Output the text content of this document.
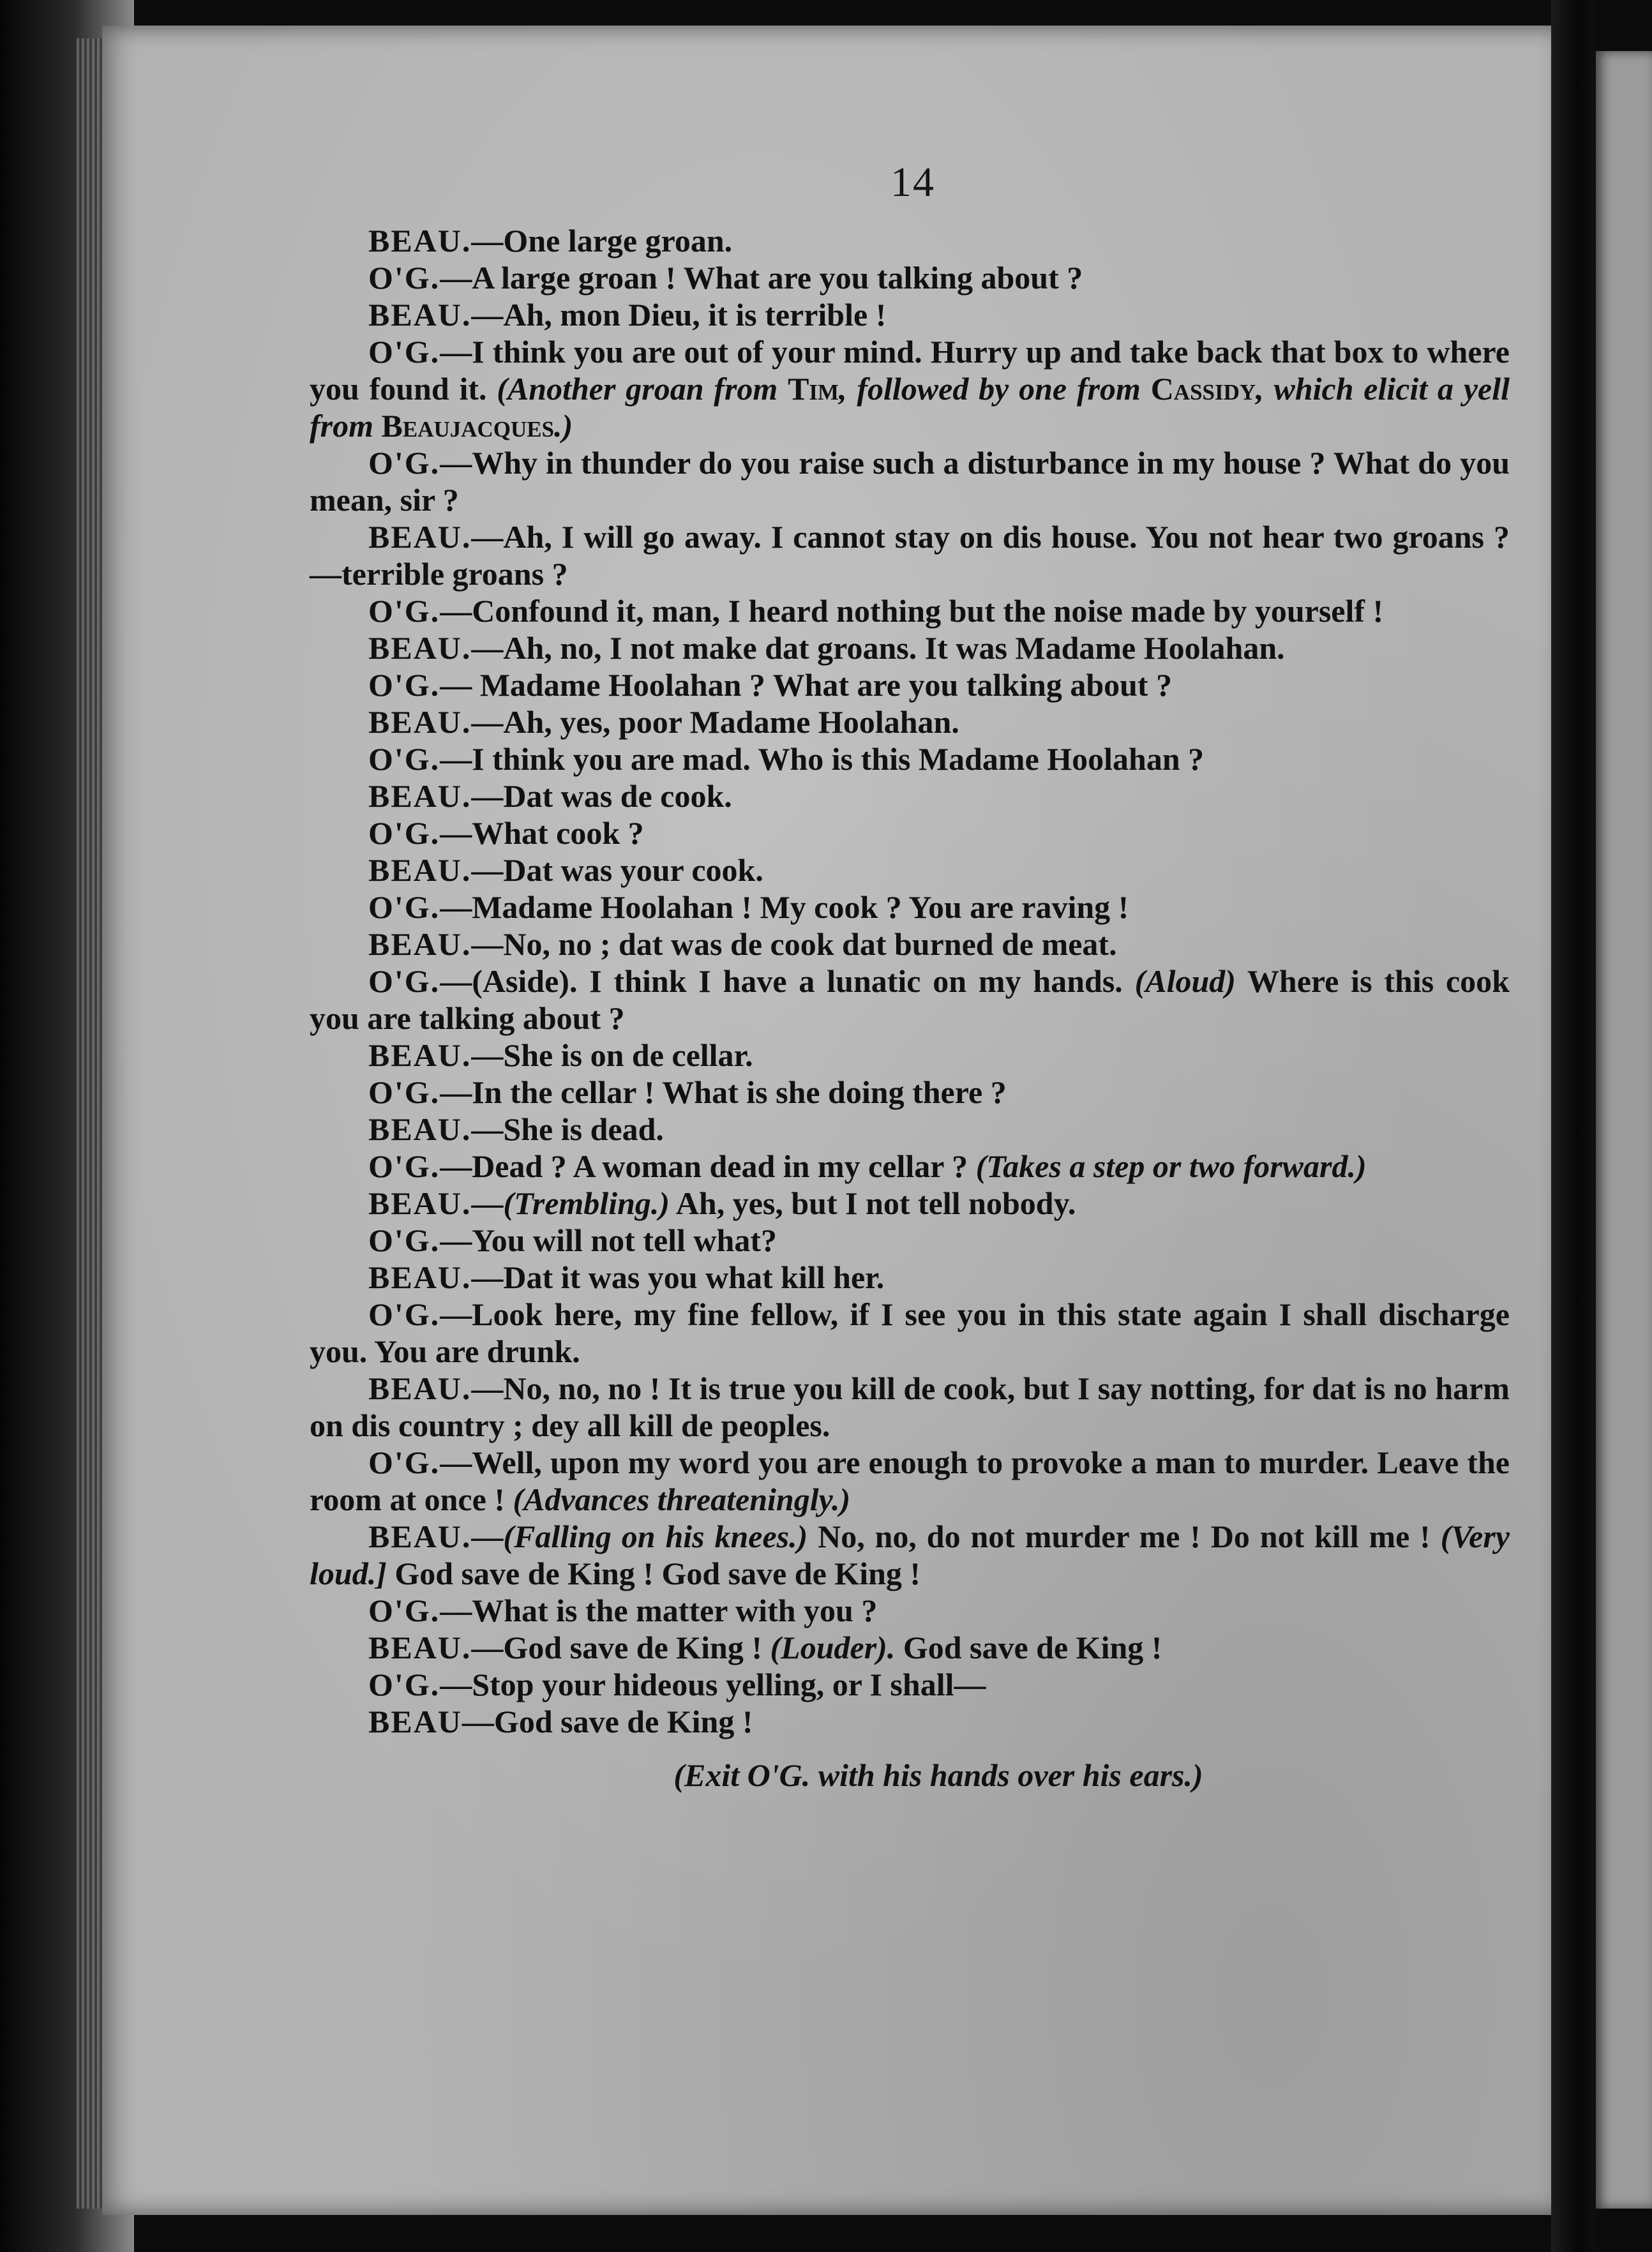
14

BEAU.—One large groan.

O'G.—A large groan ! What are you talking about ?

BEAU.—Ah, mon Dieu, it is terrible !

O'G.—I think you are out of your mind. Hurry up and take back that box to where you found it. (Another groan from Tim, followed by one from Cassidy, which elicit a yell from Beaujacques.)

O'G.—Why in thunder do you raise such a disturbance in my house ? What do you mean, sir ?

BEAU.—Ah, I will go away. I cannot stay on dis house. You not hear two groans ?—terrible groans ?

O'G.—Confound it, man, I heard nothing but the noise made by yourself !

BEAU.—Ah, no, I not make dat groans. It was Madame Hoolahan.

O'G.— Madame Hoolahan ? What are you talking about ?

BEAU.—Ah, yes, poor Madame Hoolahan.

O'G.—I think you are mad. Who is this Madame Hoolahan ?

BEAU.—Dat was de cook.

O'G.—What cook ?

BEAU.—Dat was your cook.

O'G.—Madame Hoolahan ! My cook ? You are raving !

BEAU.—No, no ; dat was de cook dat burned de meat.

O'G.—(Aside). I think I have a lunatic on my hands. (Aloud) Where is this cook you are talking about ?

BEAU.—She is on de cellar.

O'G.—In the cellar ! What is she doing there ?

BEAU.—She is dead.

O'G.—Dead ? A woman dead in my cellar ? (Takes a step or two forward.)

BEAU.—(Trembling.) Ah, yes, but I not tell nobody.

O'G.—You will not tell what?

BEAU.—Dat it was you what kill her.

O'G.—Look here, my fine fellow, if I see you in this state again I shall discharge you. You are drunk.

BEAU.—No, no, no ! It is true you kill de cook, but I say notting, for dat is no harm on dis country ; dey all kill de peoples.

O'G.—Well, upon my word you are enough to provoke a man to murder. Leave the room at once ! (Advances threateningly.)

BEAU.—(Falling on his knees.) No, no, do not murder me ! Do not kill me ! (Very loud.] God save de King ! God save de King !

O'G.—What is the matter with you ?

BEAU.—God save de King ! (Louder). God save de King !

O'G.—Stop your hideous yelling, or I shall—

BEAU—God save de King !

(Exit O'G. with his hands over his ears.)
